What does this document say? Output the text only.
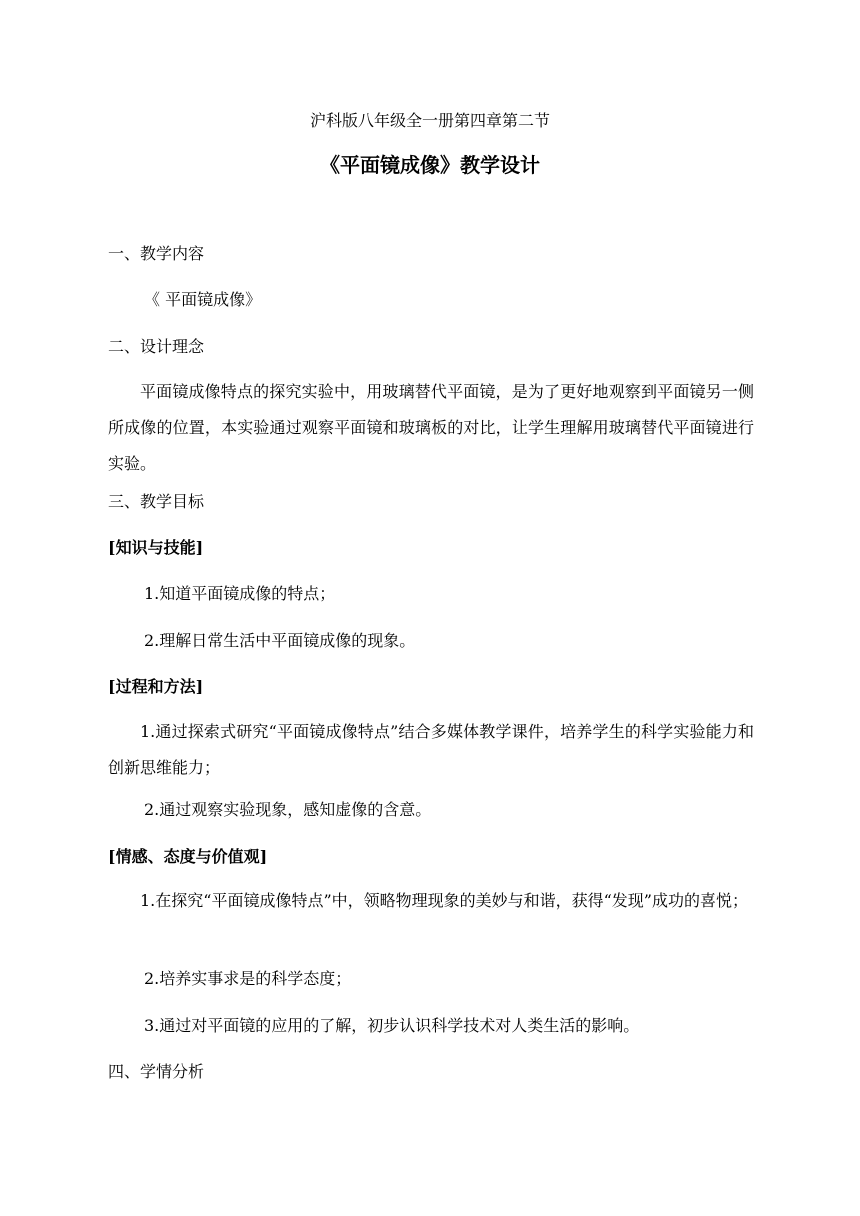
沪科版八年级全一册第四章第二节
《平面镜成像》教学设计
一、教学内容
《 平面镜成像》
二、设计理念
平面镜成像特点的探究实验中，用玻璃替代平面镜，是为了更好地观察到平面镜另一侧所成像的位置，本实验通过观察平面镜和玻璃板的对比，让学生理解用玻璃替代平面镜进行实验。
三、教学目标
[知识与技能]
1.知道平面镜成像的特点；
2.理解日常生活中平面镜成像的现象。
[过程和方法]
1.通过探索式研究“平面镜成像特点”结合多媒体教学课件，培养学生的科学实验能力和创新思维能力；
2.通过观察实验现象，感知虚像的含意。
[情感、态度与价值观]
1.在探究“平面镜成像特点”中，领略物理现象的美妙与和谐，获得“发现”成功的喜悦；
2.培养实事求是的科学态度；
3.通过对平面镜的应用的了解，初步认识科学技术对人类生活的影响。
四、学情分析
